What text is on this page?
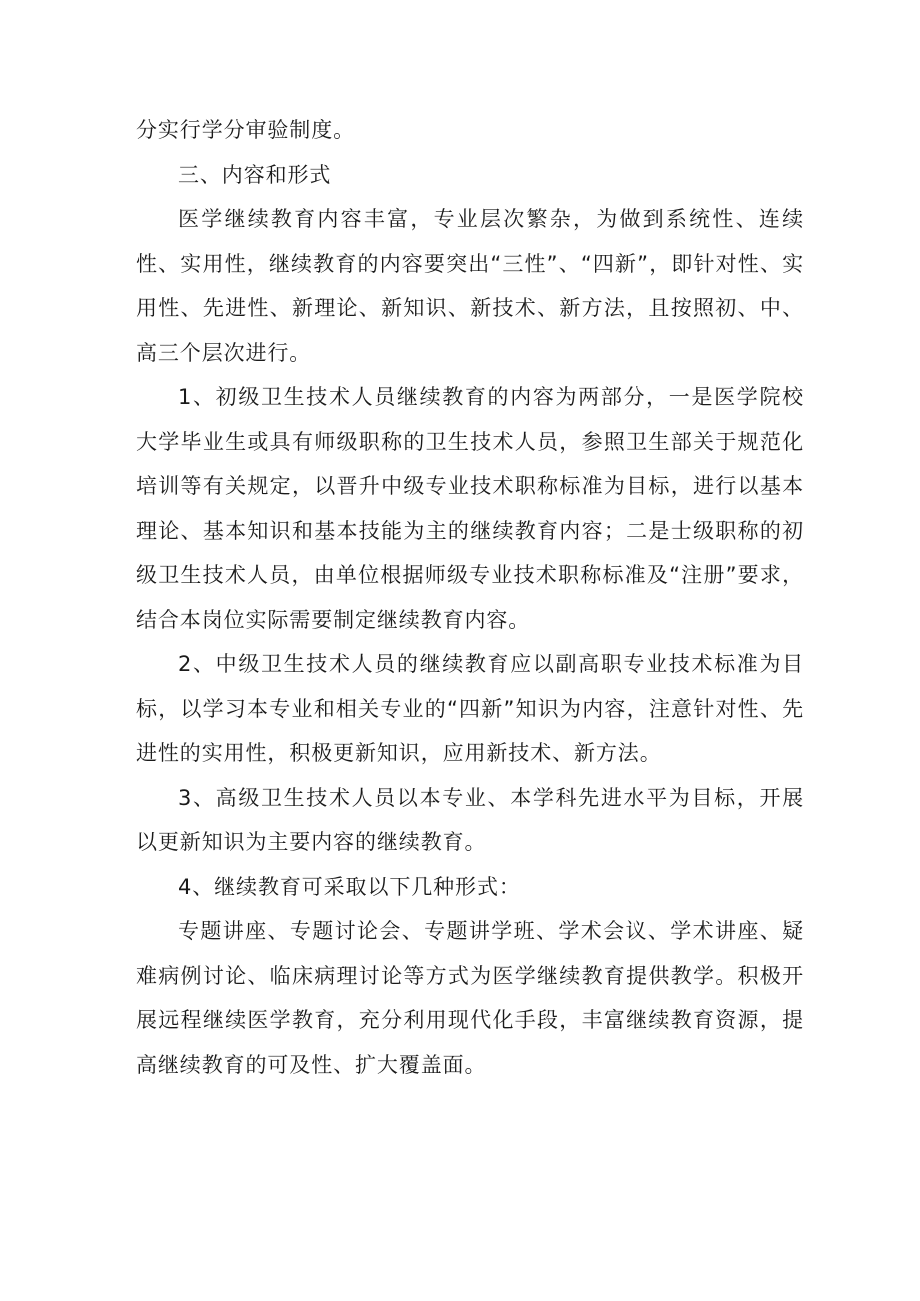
分实行学分审验制度。

三、内容和形式

医学继续教育内容丰富，专业层次繁杂，为做到系统性、连续性、实用性，继续教育的内容要突出“三性”、“四新”，即针对性、实用性、先进性、新理论、新知识、新技术、新方法，且按照初、中、高三个层次进行。

1、初级卫生技术人员继续教育的内容为两部分，一是医学院校大学毕业生或具有师级职称的卫生技术人员，参照卫生部关于规范化培训等有关规定，以晋升中级专业技术职称标准为目标，进行以基本理论、基本知识和基本技能为主的继续教育内容；二是士级职称的初级卫生技术人员，由单位根据师级专业技术职称标准及“注册”要求，结合本岗位实际需要制定继续教育内容。

2、中级卫生技术人员的继续教育应以副高职专业技术标准为目标，以学习本专业和相关专业的“四新”知识为内容，注意针对性、先进性的实用性，积极更新知识，应用新技术、新方法。

3、高级卫生技术人员以本专业、本学科先进水平为目标，开展以更新知识为主要内容的继续教育。

4、继续教育可采取以下几种形式：

专题讲座、专题讨论会、专题讲学班、学术会议、学术讲座、疑难病例讨论、临床病理讨论等方式为医学继续教育提供教学。积极开展远程继续医学教育，充分利用现代化手段，丰富继续教育资源，提高继续教育的可及性、扩大覆盖面。
